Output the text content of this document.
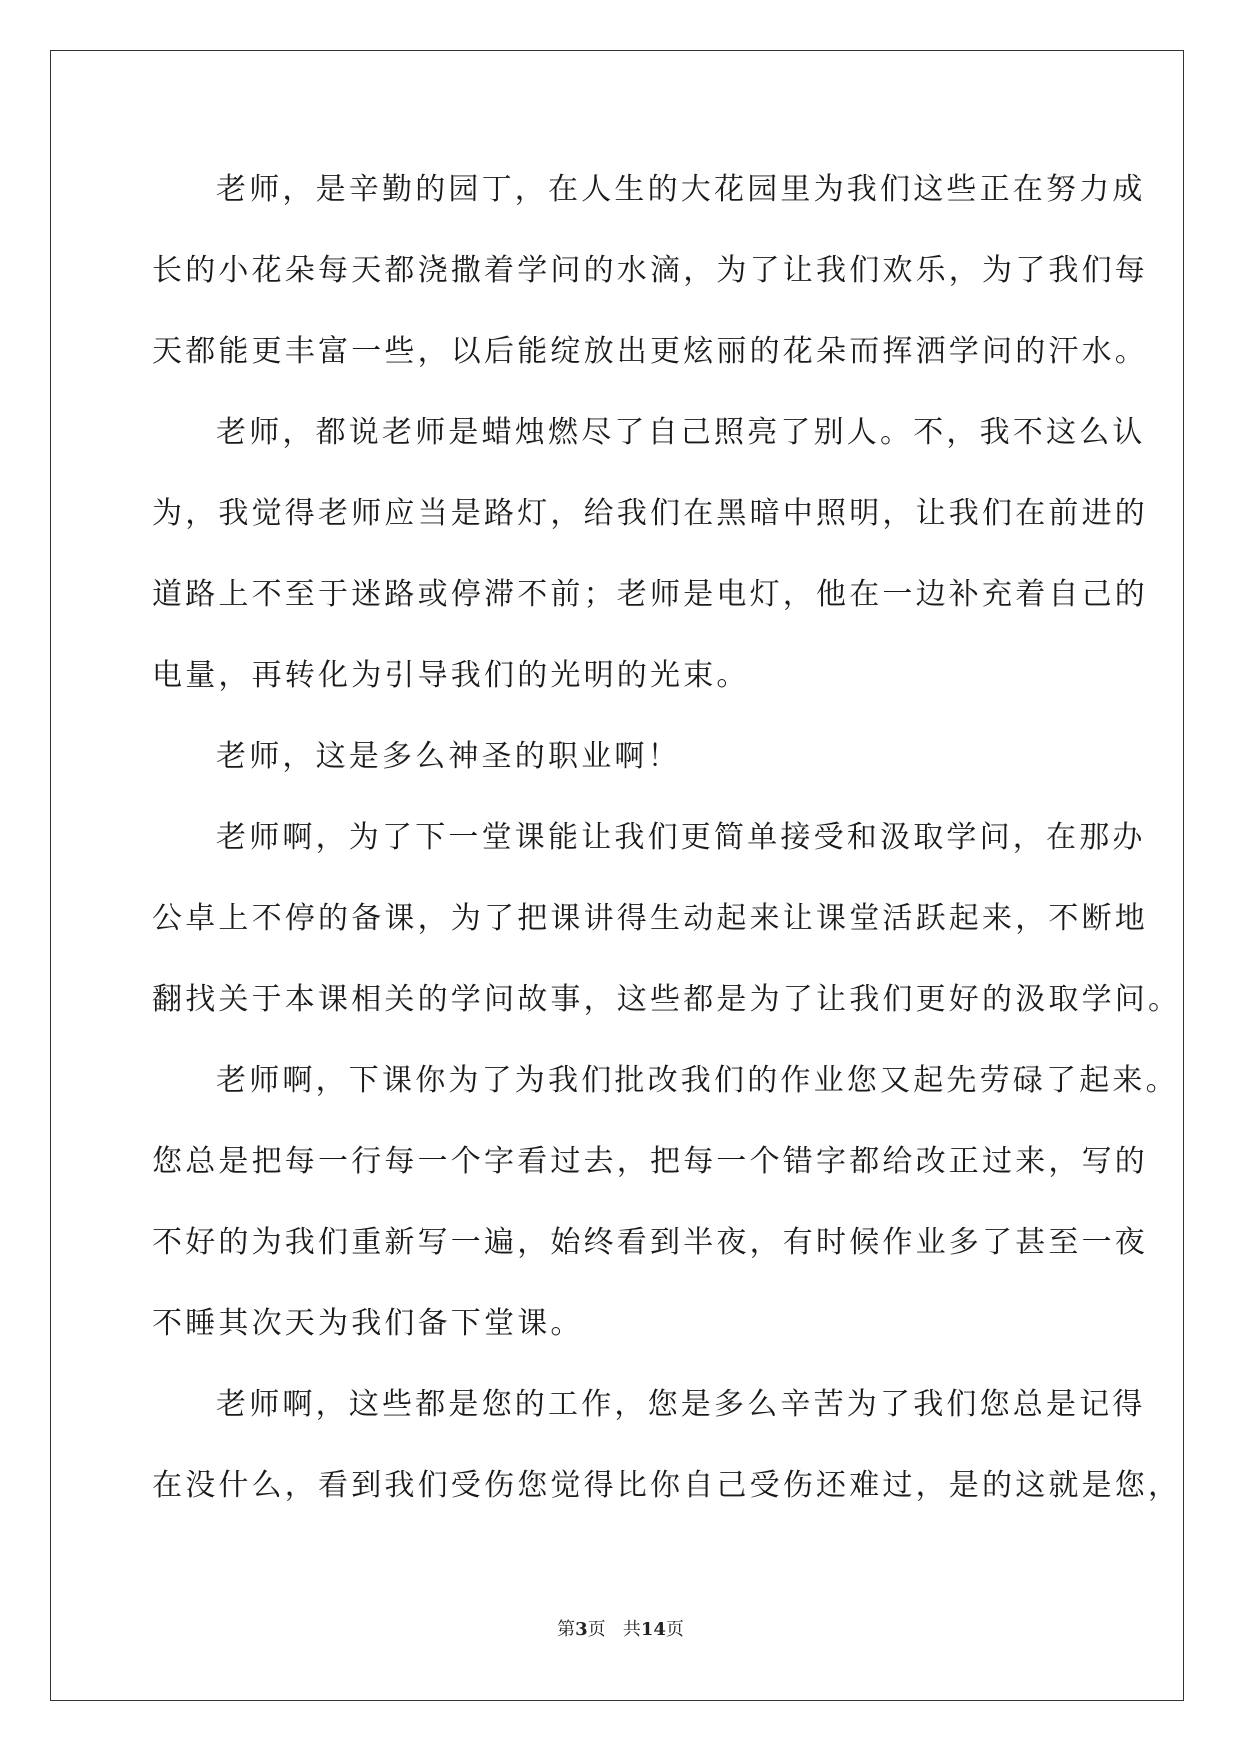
老师，是辛勤的园丁，在人生的大花园里为我们这些正在努力成
长的小花朵每天都浇撒着学问的水滴，为了让我们欢乐，为了我们每
天都能更丰富一些，以后能绽放出更炫丽的花朵而挥洒学问的汗水。
老师，都说老师是蜡烛燃尽了自己照亮了别人。不，我不这么认
为，我觉得老师应当是路灯，给我们在黑暗中照明，让我们在前进的
道路上不至于迷路或停滞不前；老师是电灯，他在一边补充着自己的
电量，再转化为引导我们的光明的光束。
老师，这是多么神圣的职业啊！
老师啊，为了下一堂课能让我们更简单接受和汲取学问，在那办
公卓上不停的备课，为了把课讲得生动起来让课堂活跃起来，不断地
翻找关于本课相关的学问故事，这些都是为了让我们更好的汲取学问。
老师啊，下课你为了为我们批改我们的作业您又起先劳碌了起来。
您总是把每一行每一个字看过去，把每一个错字都给改正过来，写的
不好的为我们重新写一遍，始终看到半夜，有时候作业多了甚至一夜
不睡其次天为我们备下堂课。
老师啊，这些都是您的工作，您是多么辛苦为了我们您总是记得
在没什么，看到我们受伤您觉得比你自己受伤还难过，是的这就是您，
第3页 共14页
